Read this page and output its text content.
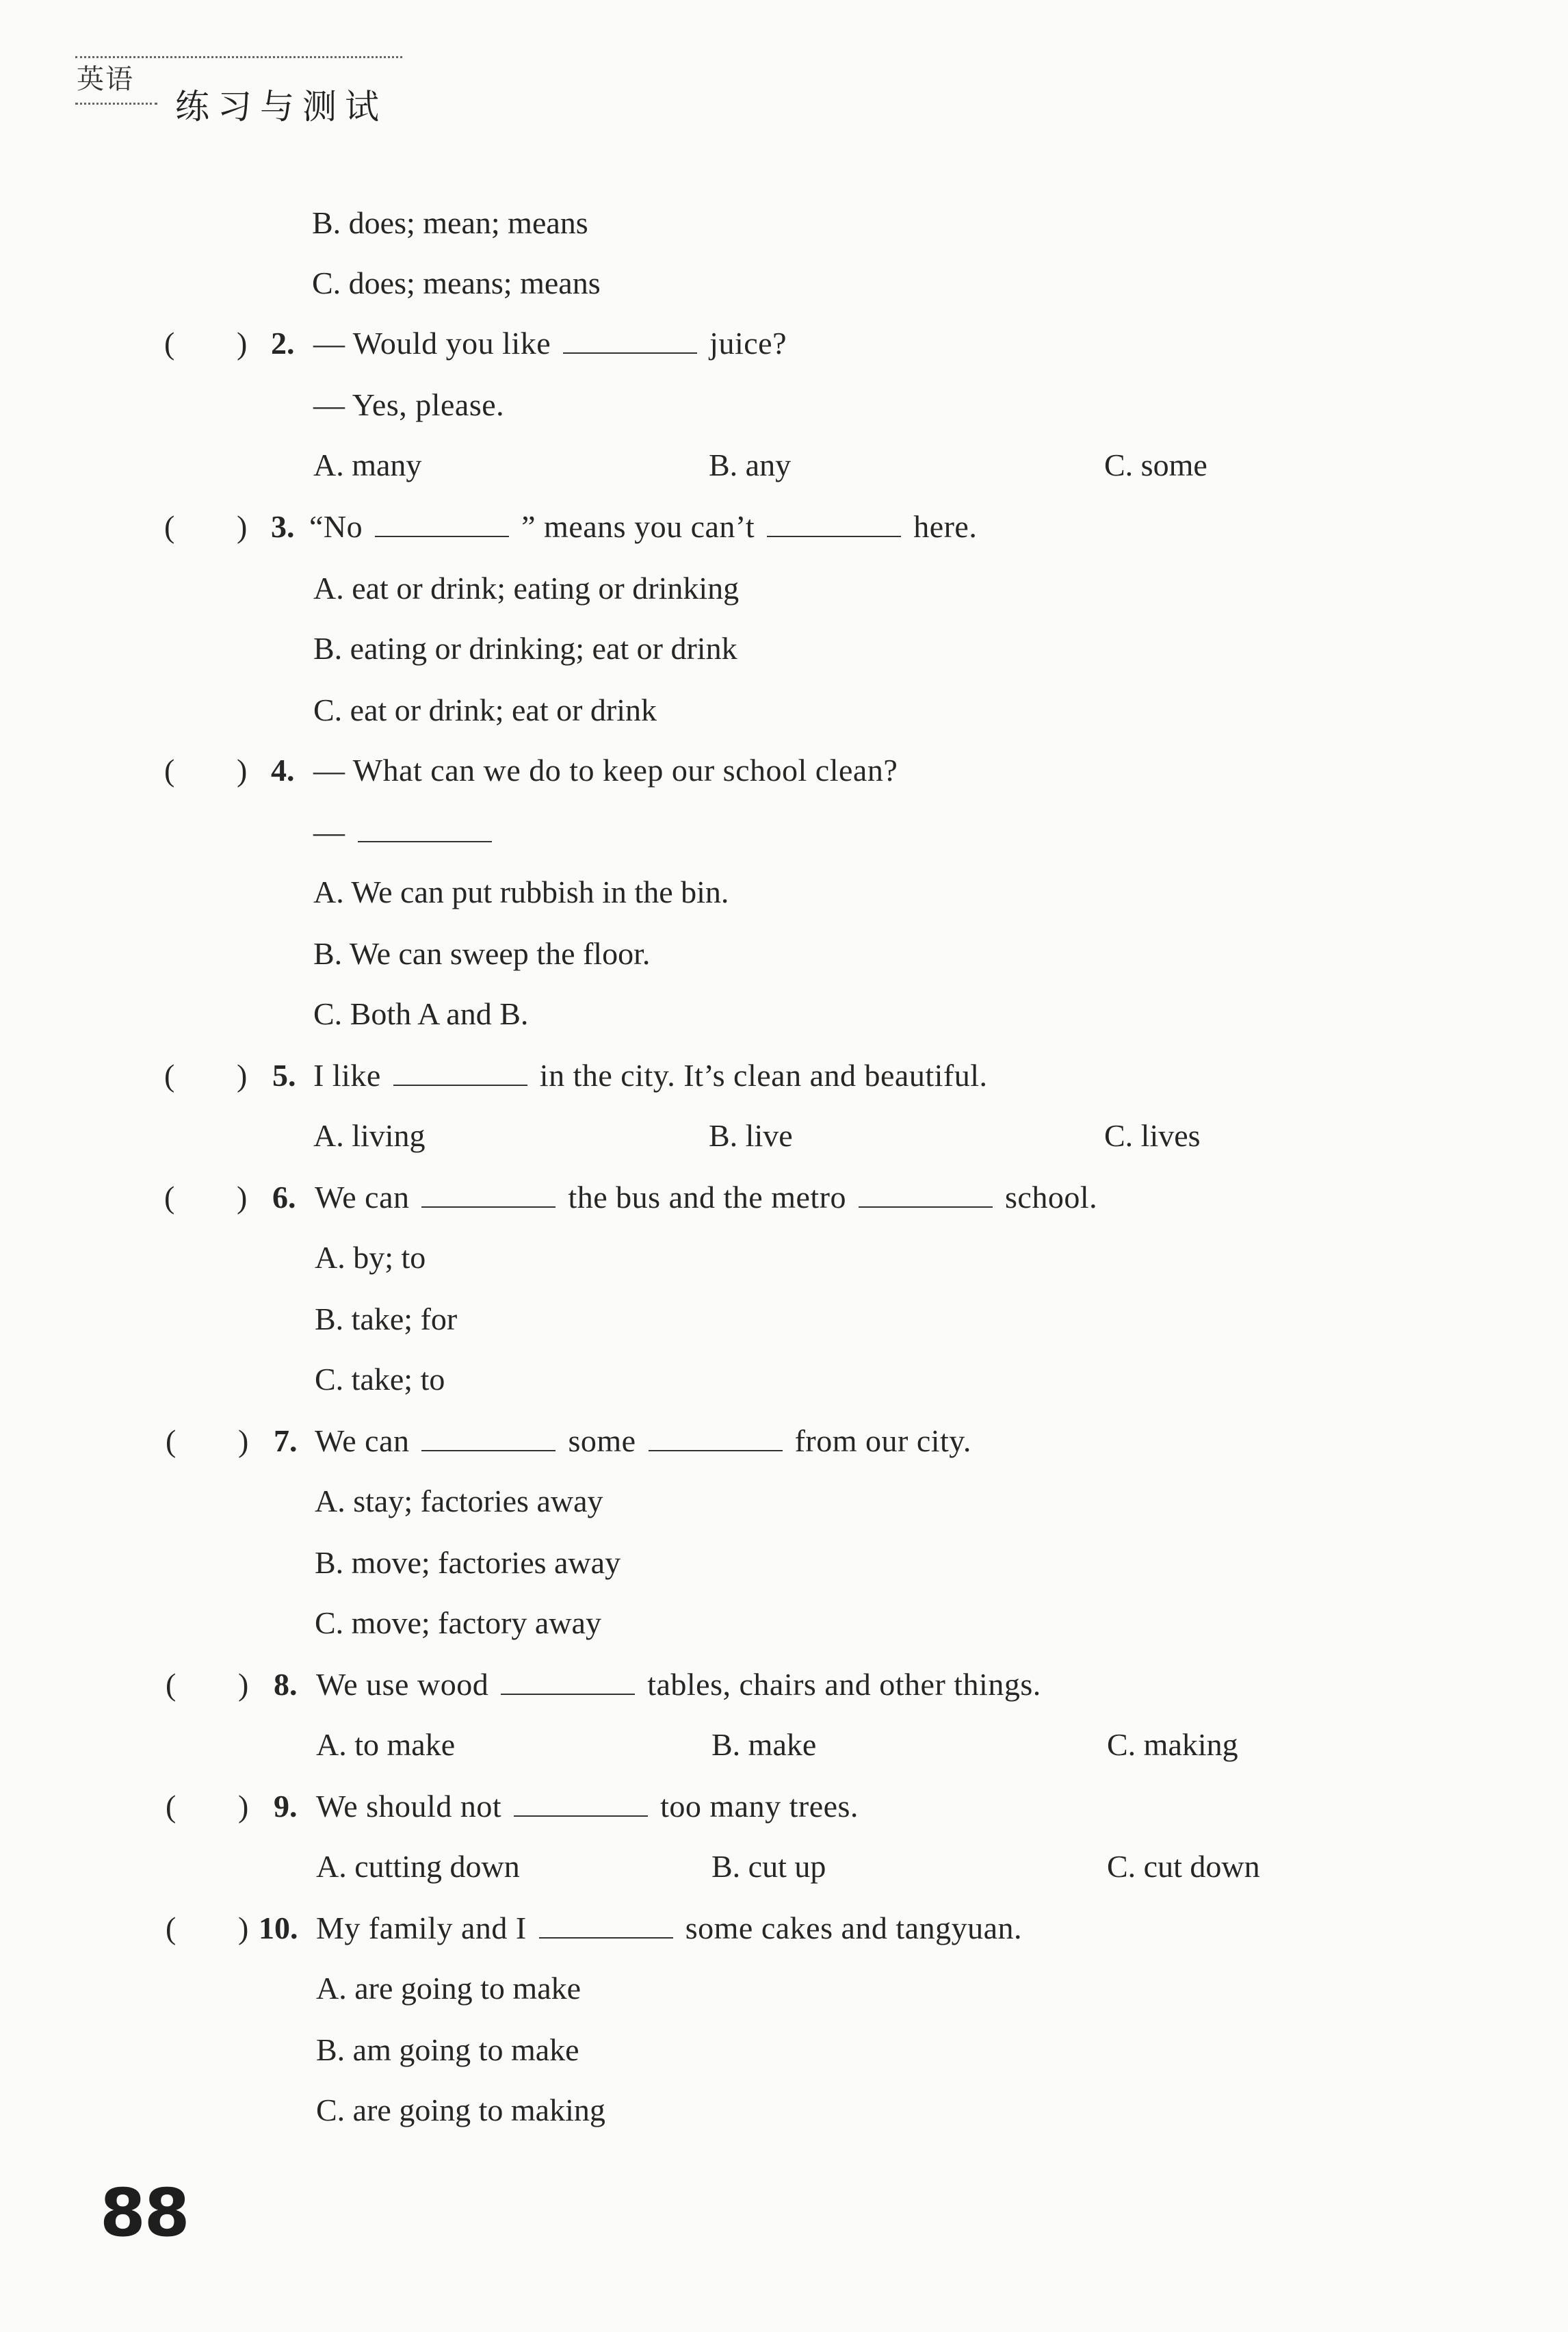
英语
练习与测试
B. does; mean; means
C. does; means; means
( ) 2. — Would you like	juice?
— Yes, please.
A. many	B. any	C. some
( ) 3. “No	” means you can’t	here.
A. eat or drink; eating or drinking
B. eating or drinking; eat or drink
C. eat or drink; eat or drink
( ) 4. — What can we do to keep our school clean?
—
A. We can put rubbish in the bin.
B. We can sweep the floor.
C. Both A and B.
( ) 5. I like	in the city. It’s clean and beautiful.
A. living	B. live	C. lives
( ) 6. We can	the bus and the metro	school.
A. by; to
B. take; for
C. take; to
( ) 7. We can	some	from our city.
A. stay; factories away
B. move; factories away
C. move; factory away
( ) 8. We use wood	tables, chairs and other things.
A. to make	B. make	C. making
( ) 9. We should not	too many trees.
A. cutting down	B. cut up	C. cut down
( ) 10. My family and I	some cakes and tangyuan.
A. are going to make
B. am going to make
C. are going to making
88
